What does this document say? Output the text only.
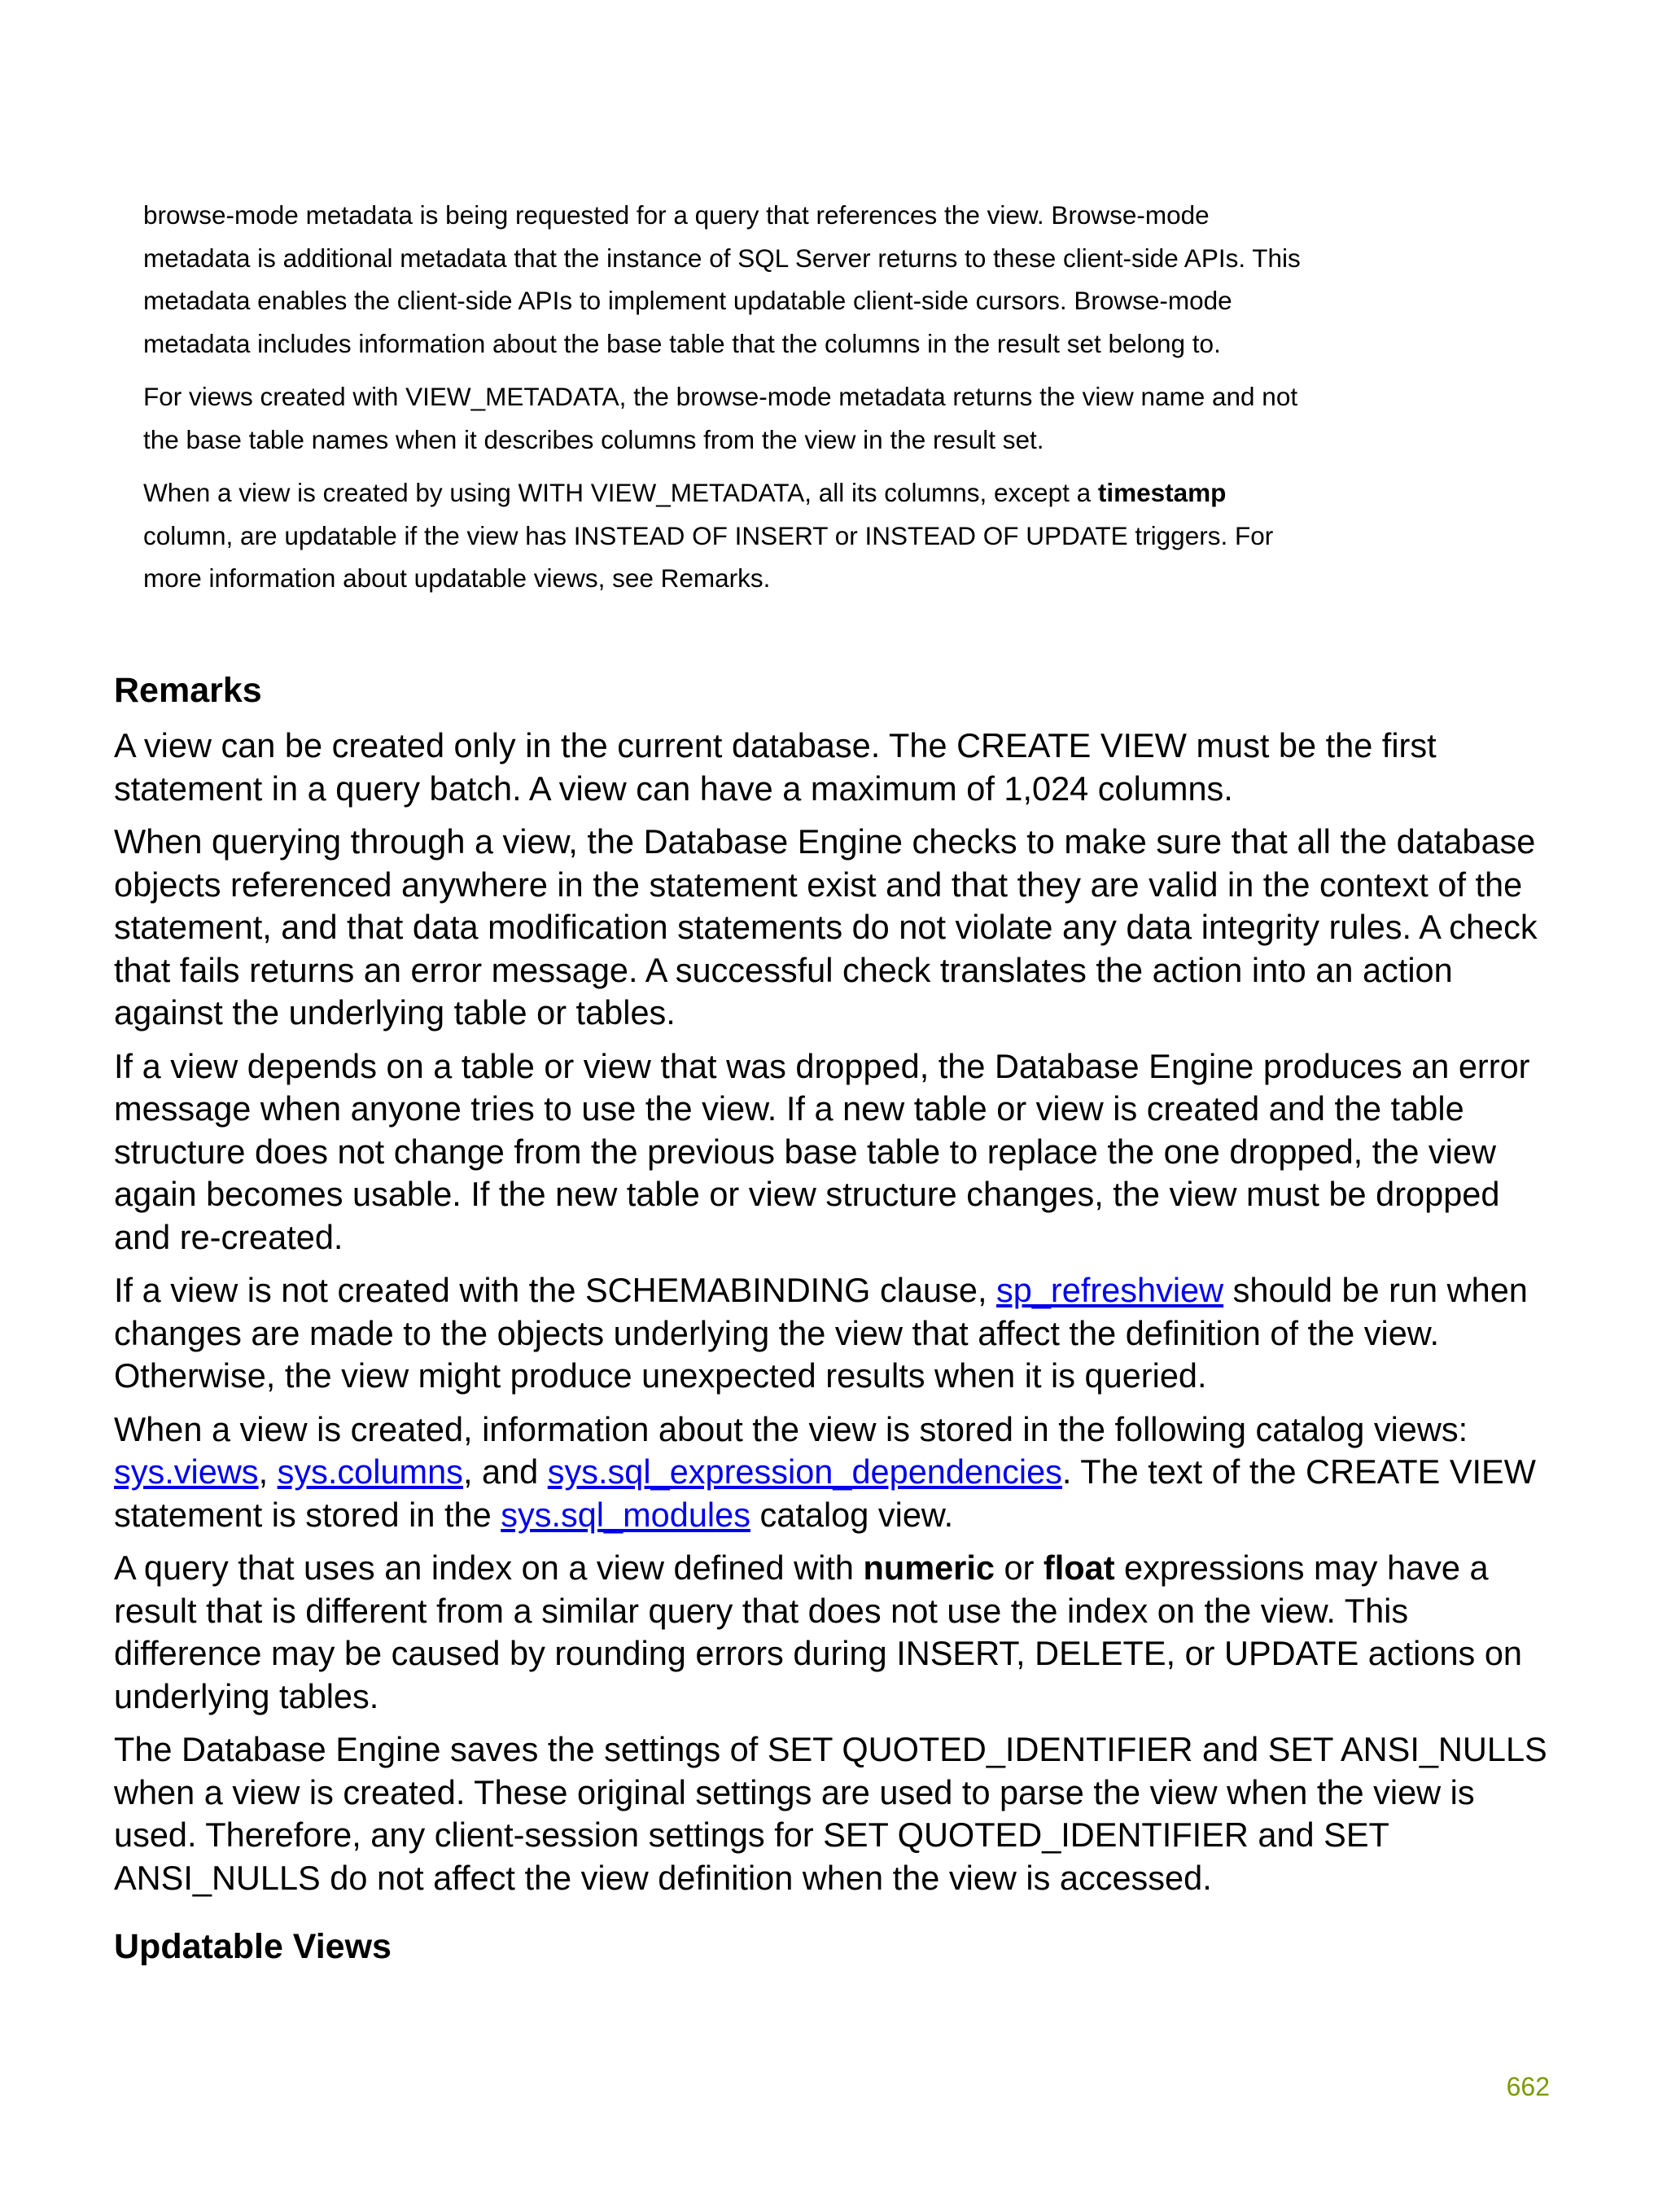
browse-mode metadata is being requested for a query that references the view. Browse-mode metadata is additional metadata that the instance of SQL Server returns to these client-side APIs. This metadata enables the client-side APIs to implement updatable client-side cursors. Browse-mode metadata includes information about the base table that the columns in the result set belong to.

For views created with VIEW_METADATA, the browse-mode metadata returns the view name and not the base table names when it describes columns from the view in the result set.

When a view is created by using WITH VIEW_METADATA, all its columns, except a timestamp column, are updatable if the view has INSTEAD OF INSERT or INSTEAD OF UPDATE triggers. For more information about updatable views, see Remarks.

Remarks

A view can be created only in the current database. The CREATE VIEW must be the first statement in a query batch. A view can have a maximum of 1,024 columns.

When querying through a view, the Database Engine checks to make sure that all the database objects referenced anywhere in the statement exist and that they are valid in the context of the statement, and that data modification statements do not violate any data integrity rules. A check that fails returns an error message. A successful check translates the action into an action against the underlying table or tables.

If a view depends on a table or view that was dropped, the Database Engine produces an error message when anyone tries to use the view. If a new table or view is created and the table structure does not change from the previous base table to replace the one dropped, the view again becomes usable. If the new table or view structure changes, the view must be dropped and re-created.

If a view is not created with the SCHEMABINDING clause, sp_refreshview should be run when changes are made to the objects underlying the view that affect the definition of the view. Otherwise, the view might produce unexpected results when it is queried.

When a view is created, information about the view is stored in the following catalog views: sys.views, sys.columns, and sys.sql_expression_dependencies. The text of the CREATE VIEW statement is stored in the sys.sql_modules catalog view.

A query that uses an index on a view defined with numeric or float expressions may have a result that is different from a similar query that does not use the index on the view. This difference may be caused by rounding errors during INSERT, DELETE, or UPDATE actions on underlying tables.

The Database Engine saves the settings of SET QUOTED_IDENTIFIER and SET ANSI_NULLS when a view is created. These original settings are used to parse the view when the view is used. Therefore, any client-session settings for SET QUOTED_IDENTIFIER and SET ANSI_NULLS do not affect the view definition when the view is accessed.

Updatable Views
662
